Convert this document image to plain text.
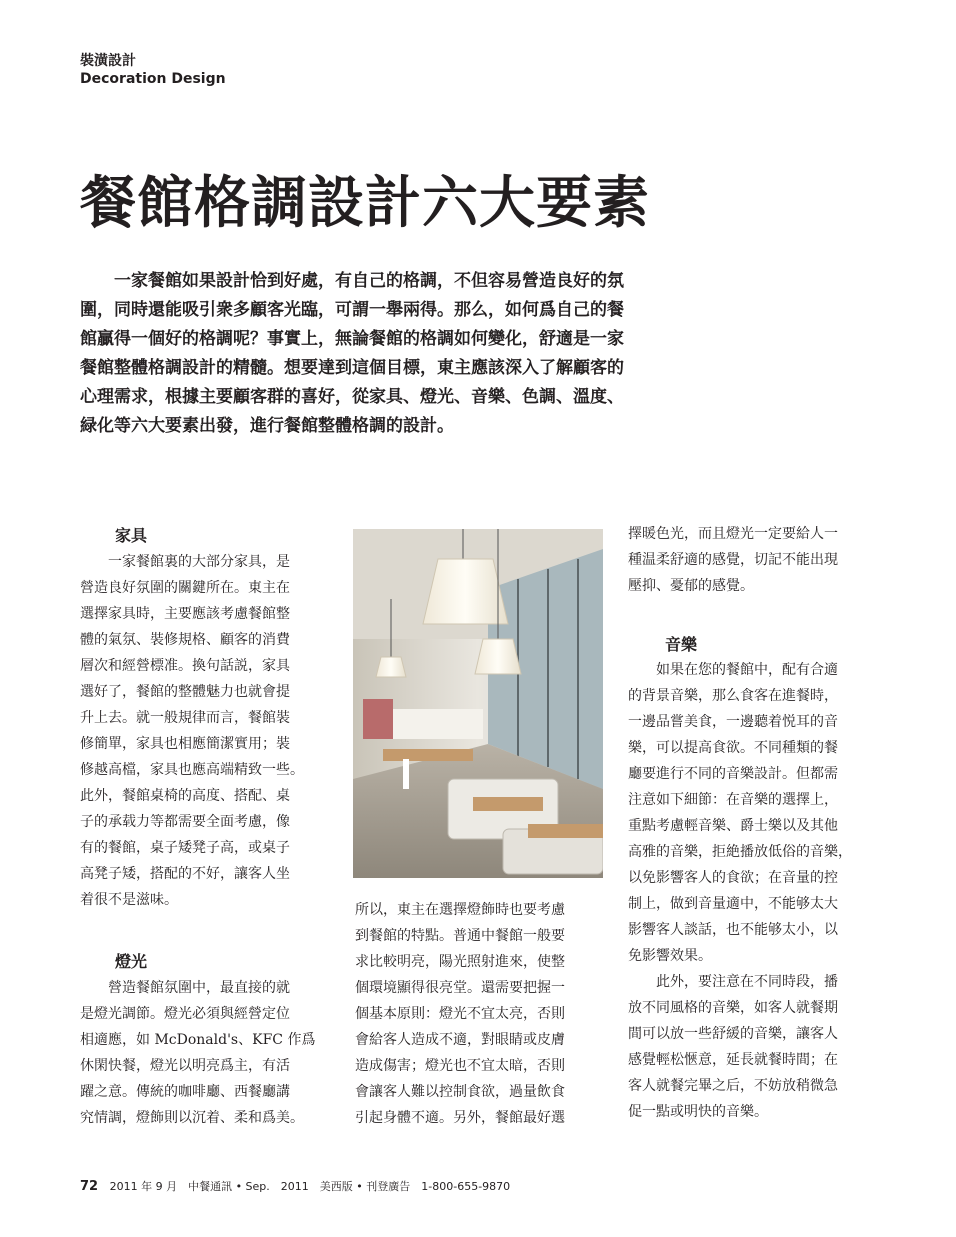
裝潢設計
Decoration Design
餐館格調設計六大要素
　　一家餐館如果設計恰到好處，有自己的格調，不但容易營造良好的氛
圍，同時還能吸引衆多顧客光臨，可謂一舉兩得。那么，如何爲自己的餐
館贏得一個好的格調呢？事實上，無論餐館的格調如何變化，舒適是一家
餐館整體格調設計的精髓。想要達到這個目標，東主應該深入了解顧客的
心理需求，根據主要顧客群的喜好，從家具、燈光、音樂、色調、溫度、
緑化等六大要素出發，進行餐館整體格調的設計。
家具
　　一家餐館裏的大部分家具，是
營造良好氛圍的關鍵所在。東主在
選擇家具時，主要應該考慮餐館整
體的氣氛、裝修規格、顧客的消費
層次和經營標准。換句話説，家具
選好了，餐館的整體魅力也就會提
升上去。就一般規律而言，餐館裝
修簡單，家具也相應簡潔實用；裝
修越高檔，家具也應高端精致一些。
此外，餐館桌椅的高度、搭配、桌
子的承载力等都需要全面考慮，像
有的餐館，桌子矮凳子高，或桌子
高凳子矮，搭配的不好，讓客人坐
着很不是滋味。
燈光
　　營造餐館氛圍中，最直接的就
是燈光調節。燈光必須與經營定位
相適應，如 McDonald's、KFC 作爲
休閑快餐，燈光以明亮爲主，有活
躍之意。傳統的咖啡廳、西餐廳講
究情調，燈飾則以沉着、柔和爲美。
所以，東主在選擇燈飾時也要考慮
到餐館的特點。普通中餐館一般要
求比較明亮，陽光照射進來，使整
個環境顯得很亮堂。還需要把握一
個基本原則：燈光不宜太亮，否則
會給客人造成不適，對眼睛或皮膚
造成傷害；燈光也不宜太暗，否則
會讓客人難以控制食欲，過量飲食
引起身體不適。另外，餐館最好選
擇暖色光，而且燈光一定要給人一
種温柔舒適的感覺，切記不能出現
壓抑、憂郁的感覺。
音樂
　　如果在您的餐館中，配有合適
的背景音樂，那么食客在進餐時，
一邊品嘗美食，一邊聽着悦耳的音
樂，可以提高食欲。不同種類的餐
廳要進行不同的音樂設計。但都需
注意如下細節：在音樂的選擇上，
重點考慮輕音樂、爵士樂以及其他
高雅的音樂，拒絶播放低俗的音樂，
以免影響客人的食欲；在音量的控
制上，做到音量適中，不能够太大
影響客人談話，也不能够太小，以
免影響效果。
　　此外，要注意在不同時段，播
放不同風格的音樂，如客人就餐期
間可以放一些舒緩的音樂，讓客人
感覺輕松愜意，延長就餐時間；在
客人就餐完畢之后，不妨放稍微急
促一點或明快的音樂。
72 2011 年 9 月　中餐通訊 • Sep.　2011　美西版 • 刊登廣告　1-800-655-9870
